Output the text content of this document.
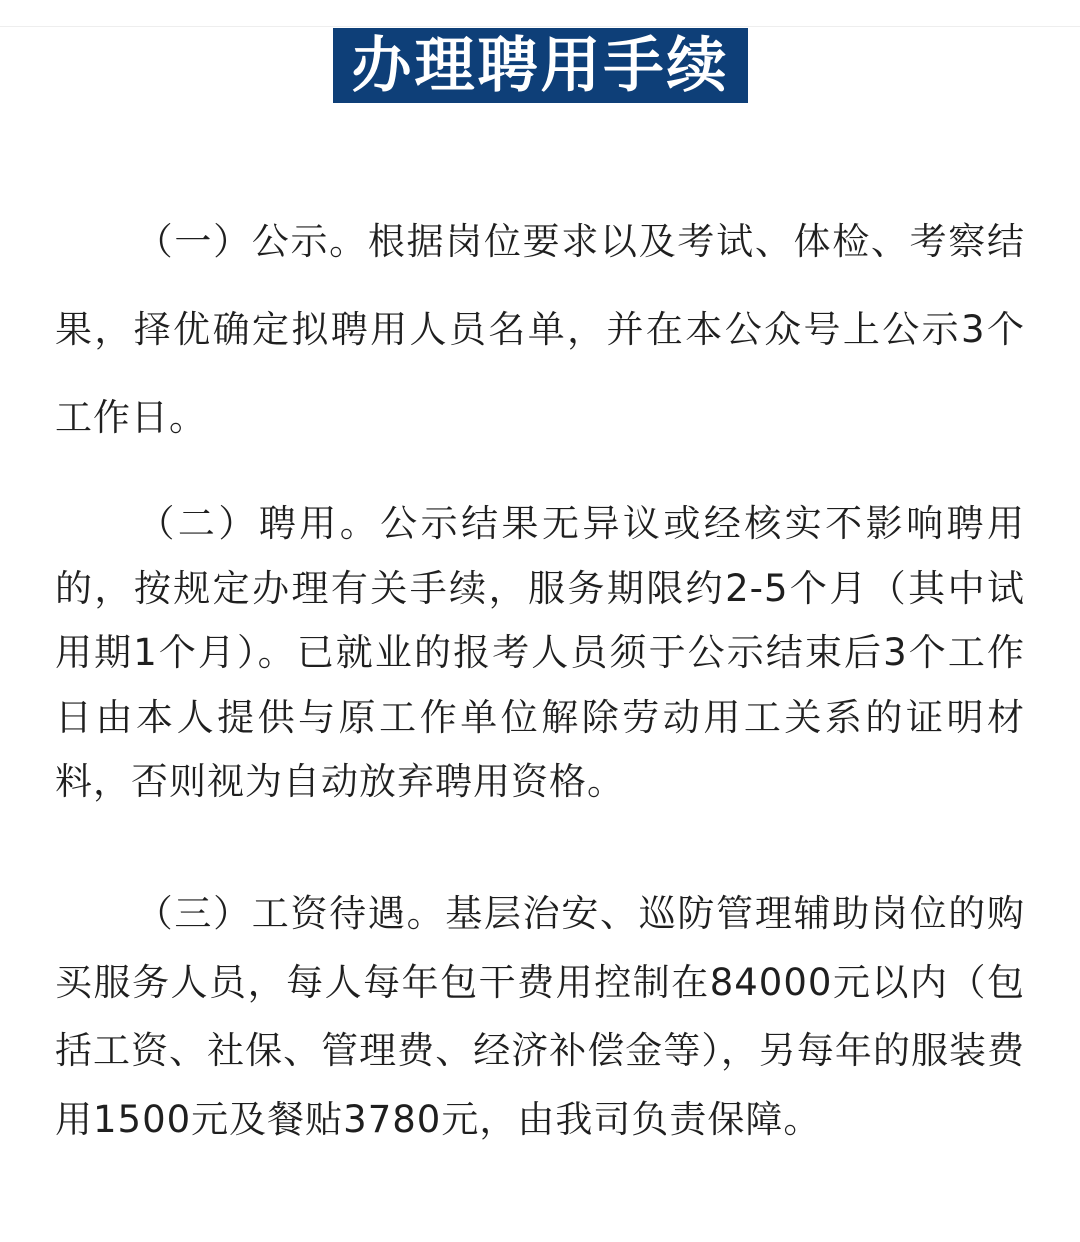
办理聘用手续

（一）公示。根据岗位要求以及考试、体检、考察结果，择优确定拟聘用人员名单，并在本公众号上公示3个工作日。

（二）聘用。公示结果无异议或经核实不影响聘用的，按规定办理有关手续，服务期限约2-5个月（其中试用期1个月）。已就业的报考人员须于公示结束后3个工作日由本人提供与原工作单位解除劳动用工关系的证明材料，否则视为自动放弃聘用资格。

（三）工资待遇。基层治安、巡防管理辅助岗位的购买服务人员，每人每年包干费用控制在84000元以内（包括工资、社保、管理费、经济补偿金等），另每年的服装费用1500元及餐贴3780元，由我司负责保障。
